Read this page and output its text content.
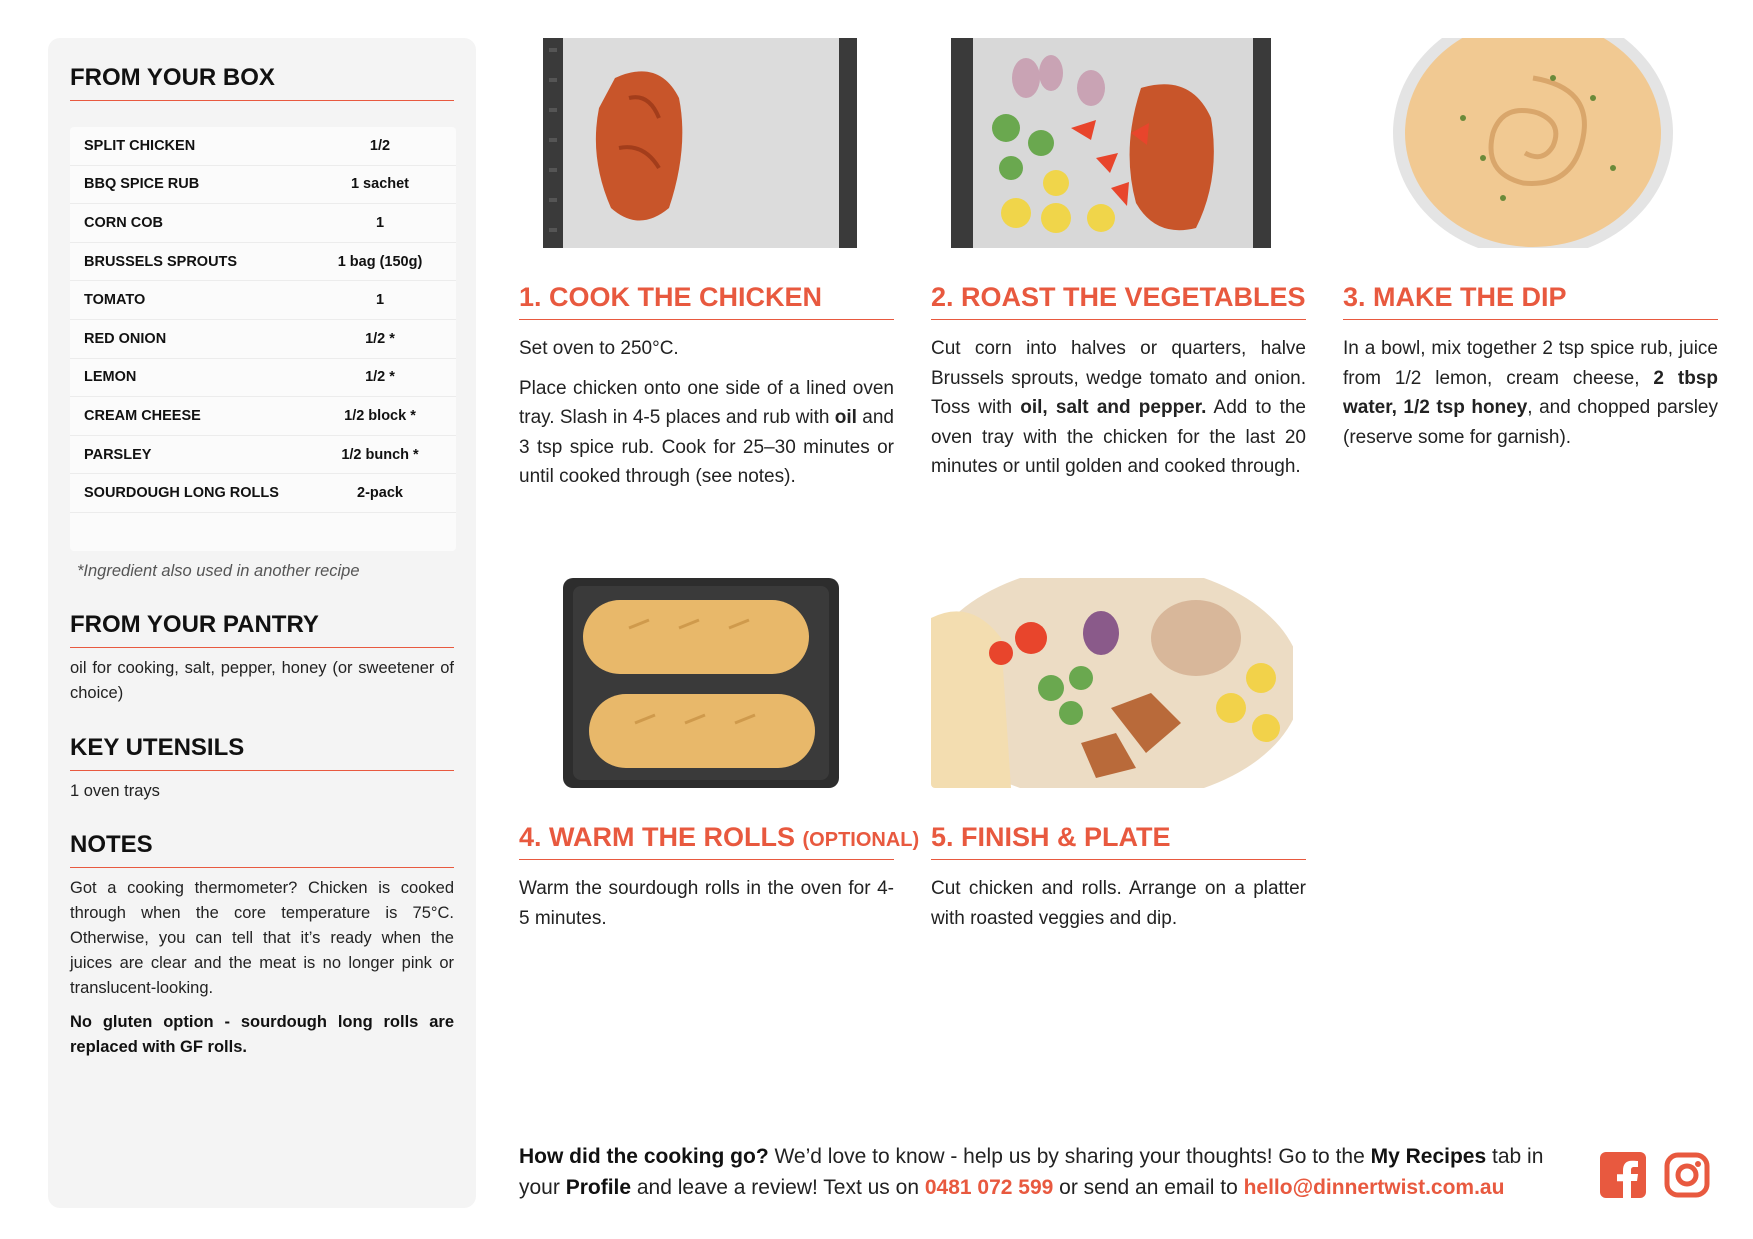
FROM YOUR BOX
SPLIT CHICKEN	1/2
BBQ SPICE RUB	1 sachet
CORN COB	1
BRUSSELS SPROUTS	1 bag (150g)
TOMATO	1
RED ONION	1/2 *
LEMON	1/2 *
CREAM CHEESE	1/2 block *
PARSLEY	1/2 bunch *
SOURDOUGH LONG ROLLS	2-pack
*Ingredient also used in another recipe
FROM YOUR PANTRY

oil for cooking, salt, pepper, honey (or sweetener of choice)

KEY UTENSILS

1 oven trays

NOTES

Got a cooking thermometer? Chicken is cooked through when the core temperature is 75°C. Otherwise, you can tell that it’s ready when the juices are clear and the meat is no longer pink or translucent-looking.

No gluten option - sourdough long rolls are replaced with GF rolls.

1. COOK THE CHICKEN

Set oven to 250°C.

Place chicken onto one side of a lined oven tray. Slash in 4-5 places and rub with oil and 3 tsp spice rub. Cook for 25–30 minutes or until cooked through (see notes).

2. ROAST THE VEGETABLES

Cut corn into halves or quarters, halve Brussels sprouts, wedge tomato and onion. Toss with oil, salt and pepper. Add to the oven tray with the chicken for the last 20 minutes or until golden and cooked through.

3. MAKE THE DIP

In a bowl, mix together 2 tsp spice rub, juice from 1/2 lemon, cream cheese, 2 tbsp water, 1/2 tsp honey, and chopped parsley (reserve some for garnish).

4. WARM THE ROLLS (OPTIONAL)

Warm the sourdough rolls in the oven for 4-5 minutes.

5. FINISH & PLATE

Cut chicken and rolls. Arrange on a platter with roasted veggies and dip.

How did the cooking go? We’d love to know - help us by sharing your thoughts! Go to the My Recipes tab in your Profile and leave a review! Text us on 0481 072 599 or send an email to hello@dinnertwist.com.au
